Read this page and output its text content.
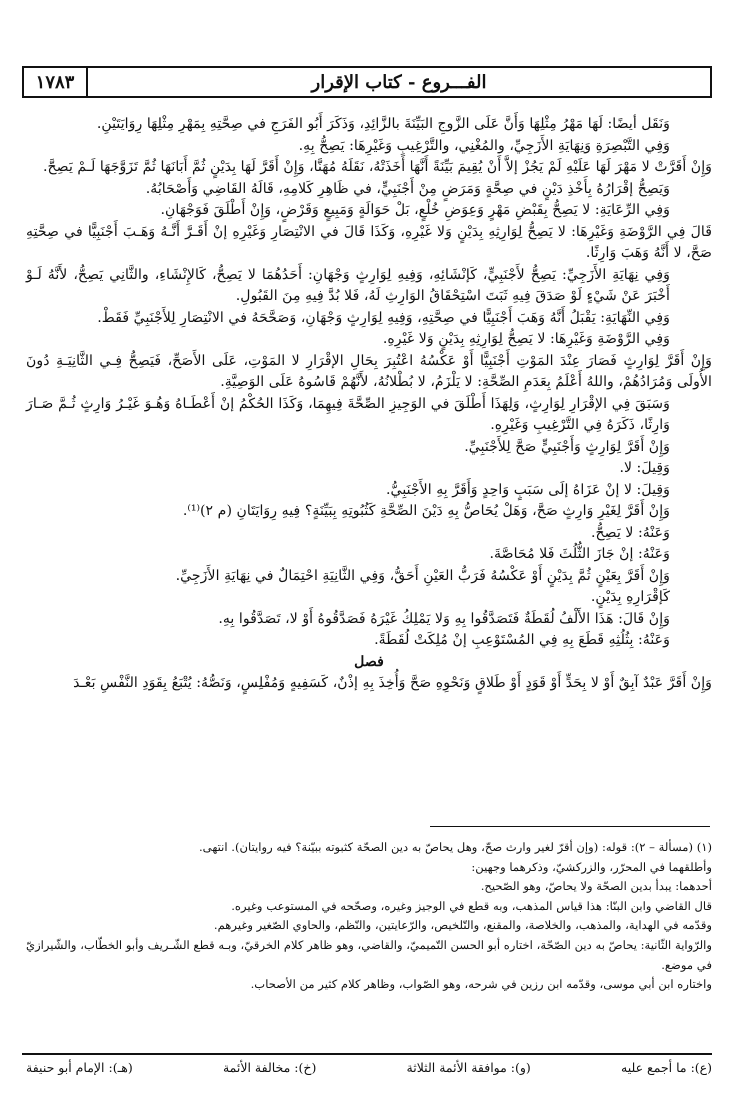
الفـــروع - كتاب الإقرار
١٧٨٣

وَنَقَل أيضًا: لَهَا مَهْرُ مِثْلِهَا وَأَنَّ عَلَى الزَّوجِ البَيِّنَةَ بالزَّائِدِ، وَذَكَرَ أَبُو الفَرَجِ في صِحَّتِهِ بِمَهْرِ مِثْلِهَا رِوَايَتَيْنِ.

وَفِي التَّبْصِرَةِ وَنِهَايَةِ الأَزَجِيِّ، والمُغْنِي، والتَّرْغِيبِ وَغَيْرِهَا: يَصِحُّ بِهِ.

وَإِنْ أَقَرَّتْ لا مَهْرَ لَهَا عَلَيْهِ لَمْ يَجُزْ إلاَّ أَنْ يُقِيمَ بَيِّنَةً أَنَّهَا أَخَذَتْهُ، نَقَلَهُ مُهَنَّا، وَإِنْ أَقَرَّ لَهَا بِدَيْنٍ ثُمَّ أَبَانَهَا ثُمَّ تَزَوَّجَهَا لَـمْ يَصِحَّ.

وَيَصِحُّ إقْرَارُهُ بِأَخْذِ دَيْنٍ في صِحَّةٍ وَمَرَضٍ مِنْ أَجْنَبِيٍّ، في ظَاهِرِ كَلامِهِ، قَالَهُ القَاضِي وَأَصْحَابُهُ.

وَفِي الرِّعَايَةِ: لا يَصِحُّ بِقَبْضِ مَهْرٍ وَعِوَضِ خُلْعٍ، بَلْ حَوَالَةٍ وَمَبِيعٍ وَقَرْضٍ، وَإِنْ أَطْلَقَ فَوَجْهَانِ.

قَالَ فِي الرَّوْضَةِ وَغَيْرِهَا: لا يَصِحُّ لِوَارِثِهِ بِدَيْنٍ وَلا غَيْرِهِ، وَكَذَا قَالَ في الانْتِصَارِ وَغَيْرِهِ إنْ أَقَـرَّ أَنَّـهُ وَهَـبَ أَجْنَبِيًّا في صِحَّتِهِ صَحَّ، لا أَنَّهُ وَهَبَ وَارِثًا.

وَفِي نِهَايَةِ الأَزَجِيِّ: يَصِحُّ لأَجْنَبِيٍّ، كَإنْشَائِهِ، وَفِيهِ لِوَارِثٍ وَجْهَانِ: أَحَدُهُمَا لا يَصِحُّ، كَالإِنْشَاءِ، والثَّانِي يَصِحُّ، لأَنَّهُ لَـوْ أَخْبَرَ عَنْ شَيْءٍ لَوْ صَدَقَ فِيهِ ثَبَتَ اسْتِحْقَاقُ الوَارِثِ لَهُ، فَلا بُدَّ فِيهِ مِنَ القَبُولِ.

وَفِي النِّهَايَةِ: يَقْبَلُ أَنَّهُ وَهَبَ أَجْنَبِيًّا في صِحَّتِهِ، وَفِيهِ لِوَارِثٍ وَجْهَانِ، وَصَحَّحَهُ في الانْتِصَارِ لِلأَجْنَبِيِّ فَقَطْ.

وَفِي الرَّوْضَةِ وَغَيْرِهَا: لا يَصِحُّ لِوَارِثِهِ بِدَيْنٍ وَلا غَيْرِهِ.

وَإِنْ أَقَرَّ لِوَارِثٍ فَصَارَ عِنْدَ المَوْتِ أَجْنَبِيًّا أَوْ عَكْسُهُ اعْتُبِرَ بِحَالِ الإقْرَارِ لا المَوْتِ، عَلَى الأَصَحِّ، فَيَصِحُّ فِـي الثَّانِيَـةِ دُونَ الأُولَى وَمُرَادُهُمْ، واللهُ أَعْلَمُ بِعَدَمِ الصِّحَّةِ: لا يَلْزَمُ، لا بُطْلانُهُ، لأَنَّهُمْ قَاسُوهُ عَلَى الوَصِيَّةِ.

وَسَبَقَ فِي الإقْرَارِ لِوَارِثٍ، وَلِهَذَا أَطْلَقَ في الوَجِيزِ الصِّحَّةَ فِيهِمَا، وَكَذَا الحُكْمُ إنْ أَعْطَـاهُ وَهُـوَ غَيْـرُ وَارِثٍ ثُـمَّ صَـارَ وَارِثًا، ذَكَرَهُ فِي التَّرْغِيبِ وَغَيْرِهِ.

وَإِنْ أَقَرَّ لِوَارِثٍ وَأَجْنَبِيٍّ صَحَّ لِلأَجْنَبِيِّ.

وَقِيلَ: لا.

وَقِيلَ: لا إنْ عَزَاهُ إلَى سَبَبٍ وَاحِدٍ وَأَقَرَّ بِهِ الأَجْنَبِيُّ.

وَإِنْ أَقَرَّ لِغَيْرِ وَارِثٍ صَحَّ، وَهَلْ يُحَاصُّ بِهِ دَيْنَ الصِّحَّةِ كَثُبُوتِهِ بِبَيِّنَةٍ؟ فِيهِ رِوَايَتَانِ (م ٢)⁽¹⁾.

وَعَنْهُ: لا يَصِحُّ.

وَعَنْهُ: إنْ جَازَ الثُّلُثَ فَلا مُحَاصَّةَ.

وَإِنْ أَقَرَّ بِعَيْنٍ ثُمَّ بِدَيْنٍ أَوْ عَكْسُهُ فَرَبُّ العَيْنِ أَحَقُّ، وَفِي الثَّانِيَةِ احْتِمَالٌ في نِهَايَةِ الأَزَجِيِّ.

كَإقْرَارِهِ بِدَيْنٍ.

وَإِنْ قَالَ: هَذَا الأَلْفُ لُقَطَةٌ فَتَصَدَّقُوا بِهِ وَلا يَمْلِكُ غَيْرَهُ فَصَدَّقُوهُ أَوْ لا، تَصَدَّقُوا بِهِ.

وَعَنْهُ: بِثُلُثِهِ قَطَعَ بِهِ فِي المُسْتَوْعِبِ إنْ مُلِكَتْ لُقَطَةً.

فصل

وَإِنْ أَقَرَّ عَبْدٌ آبِقٌ أَوْ لا بِحَدٍّ أَوْ قَوَدٍ أَوْ طَلاقٍ وَنَحْوِهِ صَحَّ وَأُخِذَ بِهِ إذْنٌ، كَسَفِيهٍ وَمُفْلِسٍ، وَنَصُّهُ: يُتْبَعُ بِقَوَدِ النَّفْسِ بَعْـدَ

(١) (مسألة – ٢): قوله: (وإن أقرّ لغير وارث صحّ، وهل يحاصّ به دين الصحّة كثبوته ببيّنة؟ فيه روايتان). انتهى.

وأطلقهما في المحرّر، والزركشيّ، وذكرهما وجهين:

أحدهما: يبدأ بدين الصحّة ولا يحاصّ، وهو الصّحيح.

قال القاضي وابن البنّا: هذا قياس المذهب، وبه قطع في الوجيز وغيره، وصحّحه في المستوعب وغيره.

وقدّمه في الهداية، والمذهب، والخلاصة، والمقنع، والتّلخيص، والرّعايتين، والنّظم، والحاوي الصّغير وغيرهم.

والرّواية الثّانية: يحاصّ به دين الصّحّة، اختاره أبو الحسن التّميميّ، والقاضي، وهو ظاهر كلام الخرقيّ، وبـه قطع الشّـريف وأبو الخطّاب، والشّيرازيّ في موضع.

واختاره ابن أبي موسى، وقدّمه ابن رزين في شرحه، وهو الصّواب، وظاهر كلام كثير من الأصحاب.

(ع): ما أجمع عليه
(و): موافقة الأئمة الثلاثة
(خ): مخالفة الأئمة
(هـ): الإمام أبو حنيفة
